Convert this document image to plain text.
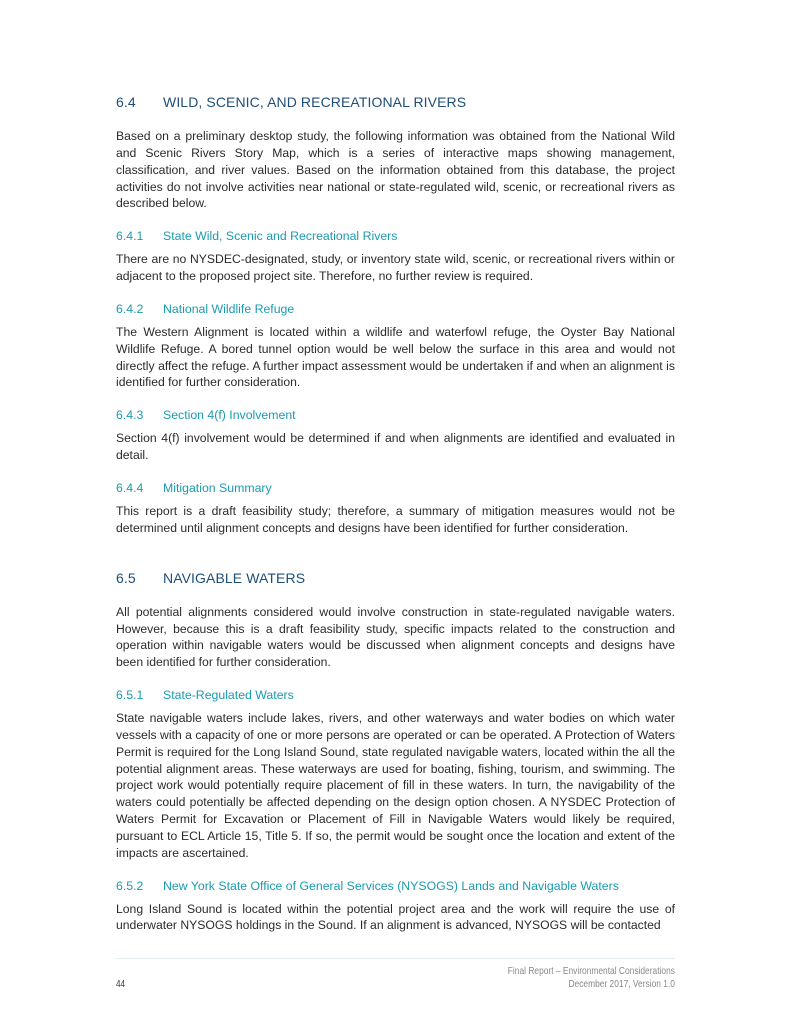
6.4	WILD, SCENIC, AND RECREATIONAL RIVERS

Based on a preliminary desktop study, the following information was obtained from the National Wild and Scenic Rivers Story Map, which is a series of interactive maps showing management, classification, and river values. Based on the information obtained from this database, the project activities do not involve activities near national or state-regulated wild, scenic, or recreational rivers as described below.

6.4.1	State Wild, Scenic and Recreational Rivers

There are no NYSDEC-designated, study, or inventory state wild, scenic, or recreational rivers within or adjacent to the proposed project site. Therefore, no further review is required.

6.4.2	National Wildlife Refuge

The Western Alignment is located within a wildlife and waterfowl refuge, the Oyster Bay National Wildlife Refuge. A bored tunnel option would be well below the surface in this area and would not directly affect the refuge. A further impact assessment would be undertaken if and when an alignment is identified for further consideration.

6.4.3	Section 4(f) Involvement

Section 4(f) involvement would be determined if and when alignments are identified and evaluated in detail.

6.4.4	Mitigation Summary

This report is a draft feasibility study; therefore, a summary of mitigation measures would not be determined until alignment concepts and designs have been identified for further consideration.

6.5	NAVIGABLE WATERS

All potential alignments considered would involve construction in state-regulated navigable waters. However, because this is a draft feasibility study, specific impacts related to the construction and operation within navigable waters would be discussed when alignment concepts and designs have been identified for further consideration.

6.5.1	State-Regulated Waters

State navigable waters include lakes, rivers, and other waterways and water bodies on which water vessels with a capacity of one or more persons are operated or can be operated. A Protection of Waters Permit is required for the Long Island Sound, state regulated navigable waters, located within the all the potential alignment areas. These waterways are used for boating, fishing, tourism, and swimming. The project work would potentially require placement of fill in these waters. In turn, the navigability of the waters could potentially be affected depending on the design option chosen. A NYSDEC Protection of Waters Permit for Excavation or Placement of Fill in Navigable Waters would likely be required, pursuant to ECL Article 15, Title 5. If so, the permit would be sought once the location and extent of the impacts are ascertained.

6.5.2	New York State Office of General Services (NYSOGS) Lands and Navigable Waters

Long Island Sound is located within the potential project area and the work will require the use of underwater NYSOGS holdings in the Sound. If an alignment is advanced, NYSOGS will be contacted

44
Final Report – Environmental Considerations
December 2017, Version 1.0
